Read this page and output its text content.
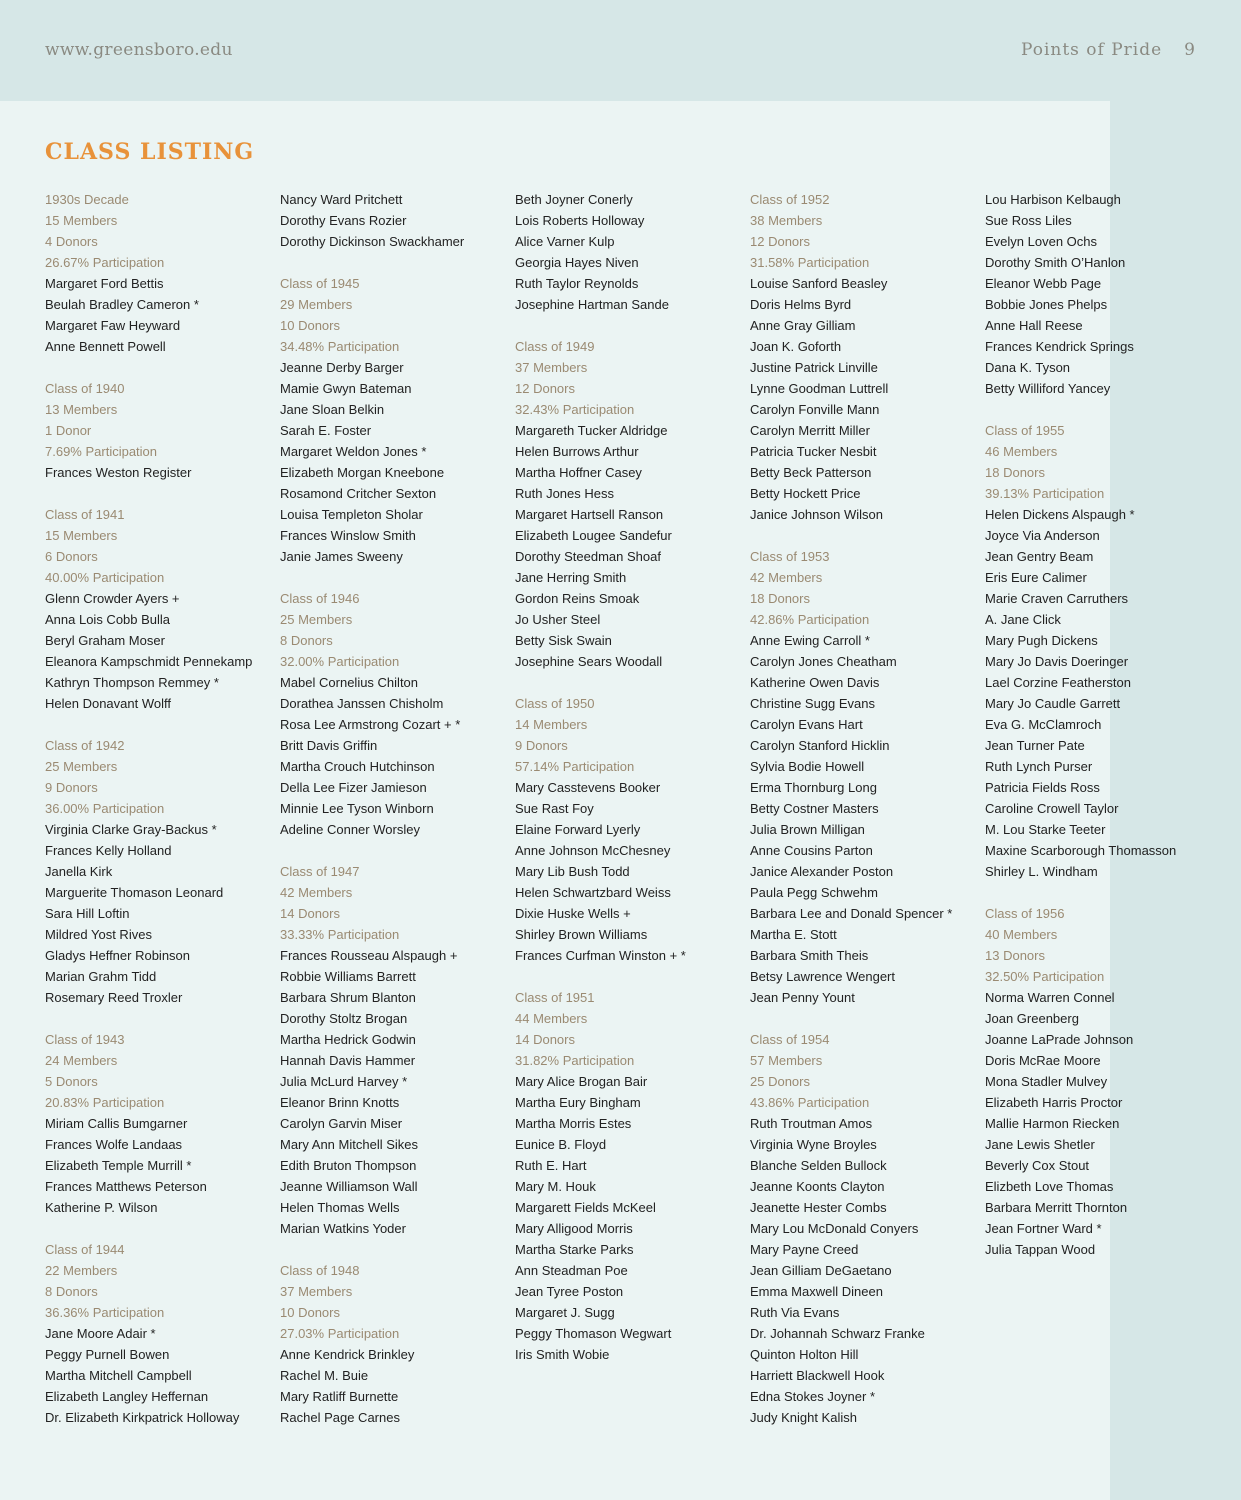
www.greensboro.edu	Points of Pride 9
CLASS LISTING
1930s Decade
15 Members
4 Donors
26.67% Participation
Margaret Ford Bettis
Beulah Bradley Cameron *
Margaret Faw Heyward
Anne Bennett Powell
Class of 1940
13 Members
1 Donor
7.69% Participation
Frances Weston Register
Class of 1941
15 Members
6 Donors
40.00% Participation
Glenn Crowder Ayers +
Anna Lois Cobb Bulla
Beryl Graham Moser
Eleanora Kampschmidt Pennekamp
Kathryn Thompson Remmey *
Helen Donavant Wolff
Class of 1942
25 Members
9 Donors
36.00% Participation
Virginia Clarke Gray-Backus *
Frances Kelly Holland
Janella Kirk
Marguerite Thomason Leonard
Sara Hill Loftin
Mildred Yost Rives
Gladys Heffner Robinson
Marian Grahm Tidd
Rosemary Reed Troxler
Class of 1943
24 Members
5 Donors
20.83% Participation
Miriam Callis Bumgarner
Frances Wolfe Landaas
Elizabeth Temple Murrill *
Frances Matthews Peterson
Katherine P. Wilson
Class of 1944
22 Members
8 Donors
36.36% Participation
Jane Moore Adair *
Peggy Purnell Bowen
Martha Mitchell Campbell
Elizabeth Langley Heffernan
Dr. Elizabeth Kirkpatrick Holloway
Nancy Ward Pritchett
Dorothy Evans Rozier
Dorothy Dickinson Swackhamer
Class of 1945
29 Members
10 Donors
34.48% Participation
Jeanne Derby Barger
Mamie Gwyn Bateman
Jane Sloan Belkin
Sarah E. Foster
Margaret Weldon Jones *
Elizabeth Morgan Kneebone
Rosamond Critcher Sexton
Louisa Templeton Sholar
Frances Winslow Smith
Janie James Sweeny
Class of 1946
25 Members
8 Donors
32.00% Participation
Mabel Cornelius Chilton
Dorathea Janssen Chisholm
Rosa Lee Armstrong Cozart + *
Britt Davis Griffin
Martha Crouch Hutchinson
Della Lee Fizer Jamieson
Minnie Lee Tyson Winborn
Adeline Conner Worsley
Class of 1947
42 Members
14 Donors
33.33% Participation
Frances Rousseau Alspaugh +
Robbie Williams Barrett
Barbara Shrum Blanton
Dorothy Stoltz Brogan
Martha Hedrick Godwin
Hannah Davis Hammer
Julia McLurd Harvey *
Eleanor Brinn Knotts
Carolyn Garvin Miser
Mary Ann Mitchell Sikes
Edith Bruton Thompson
Jeanne Williamson Wall
Helen Thomas Wells
Marian Watkins Yoder
Class of 1948
37 Members
10 Donors
27.03% Participation
Anne Kendrick Brinkley
Rachel M. Buie
Mary Ratliff Burnette
Rachel Page Carnes
Beth Joyner Conerly
Lois Roberts Holloway
Alice Varner Kulp
Georgia Hayes Niven
Ruth Taylor Reynolds
Josephine Hartman Sande
Class of 1949
37 Members
12 Donors
32.43% Participation
Margareth Tucker Aldridge
Helen Burrows Arthur
Martha Hoffner Casey
Ruth Jones Hess
Margaret Hartsell Ranson
Elizabeth Lougee Sandefur
Dorothy Steedman Shoaf
Jane Herring Smith
Gordon Reins Smoak
Jo Usher Steel
Betty Sisk Swain
Josephine Sears Woodall
Class of 1950
14 Members
9 Donors
57.14% Participation
Mary Casstevens Booker
Sue Rast Foy
Elaine Forward Lyerly
Anne Johnson McChesney
Mary Lib Bush Todd
Helen Schwartzbard Weiss
Dixie Huske Wells +
Shirley Brown Williams
Frances Curfman Winston + *
Class of 1951
44 Members
14 Donors
31.82% Participation
Mary Alice Brogan Bair
Martha Eury Bingham
Martha Morris Estes
Eunice B. Floyd
Ruth E. Hart
Mary M. Houk
Margarett Fields McKeel
Mary Alligood Morris
Martha Starke Parks
Ann Steadman Poe
Jean Tyree Poston
Margaret J. Sugg
Peggy Thomason Wegwart
Iris Smith Wobie
Class of 1952
38 Members
12 Donors
31.58% Participation
Louise Sanford Beasley
Doris Helms Byrd
Anne Gray Gilliam
Joan K. Goforth
Justine Patrick Linville
Lynne Goodman Luttrell
Carolyn Fonville Mann
Carolyn Merritt Miller
Patricia Tucker Nesbit
Betty Beck Patterson
Betty Hockett Price
Janice Johnson Wilson
Class of 1953
42 Members
18 Donors
42.86% Participation
Anne Ewing Carroll *
Carolyn Jones Cheatham
Katherine Owen Davis
Christine Sugg Evans
Carolyn Evans Hart
Carolyn Stanford Hicklin
Sylvia Bodie Howell
Erma Thornburg Long
Betty Costner Masters
Julia Brown Milligan
Anne Cousins Parton
Janice Alexander Poston
Paula Pegg Schwehm
Barbara Lee and Donald Spencer *
Martha E. Stott
Barbara Smith Theis
Betsy Lawrence Wengert
Jean Penny Yount
Class of 1954
57 Members
25 Donors
43.86% Participation
Ruth Troutman Amos
Virginia Wyne Broyles
Blanche Selden Bullock
Jeanne Koonts Clayton
Jeanette Hester Combs
Mary Lou McDonald Conyers
Mary Payne Creed
Jean Gilliam DeGaetano
Emma Maxwell Dineen
Ruth Via Evans
Dr. Johannah Schwarz Franke
Quinton Holton Hill
Harriett Blackwell Hook
Edna Stokes Joyner *
Judy Knight Kalish
Lou Harbison Kelbaugh
Sue Ross Liles
Evelyn Loven Ochs
Dorothy Smith O’Hanlon
Eleanor Webb Page
Bobbie Jones Phelps
Anne Hall Reese
Frances Kendrick Springs
Dana K. Tyson
Betty Williford Yancey
Class of 1955
46 Members
18 Donors
39.13% Participation
Helen Dickens Alspaugh *
Joyce Via Anderson
Jean Gentry Beam
Eris Eure Calimer
Marie Craven Carruthers
A. Jane Click
Mary Pugh Dickens
Mary Jo Davis Doeringer
Lael Corzine Featherston
Mary Jo Caudle Garrett
Eva G. McClamroch
Jean Turner Pate
Ruth Lynch Purser
Patricia Fields Ross
Caroline Crowell Taylor
M. Lou Starke Teeter
Maxine Scarborough Thomasson
Shirley L. Windham
Class of 1956
40 Members
13 Donors
32.50% Participation
Norma Warren Connel
Joan Greenberg
Joanne LaPrade Johnson
Doris McRae Moore
Mona Stadler Mulvey
Elizabeth Harris Proctor
Mallie Harmon Riecken
Jane Lewis Shetler
Beverly Cox Stout
Elizbeth Love Thomas
Barbara Merritt Thornton
Jean Fortner Ward *
Julia Tappan Wood
